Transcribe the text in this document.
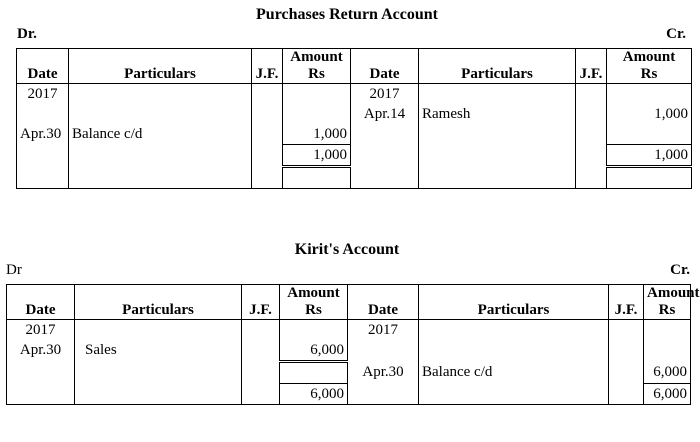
Purchases Return Account
Dr.	Cr.
Date	Particulars	J.F.	Amount
Rs	Date	Particulars	J.F.	Amount
Rs
2017				2017			
				Apr.14	Ramesh		1,000
Apr.30	Balance c/d		1,000				
			1,000				1,000

Kirit's Account
Dr	Cr.
Date	Particulars	J.F.	Amount
Rs	Date	Particulars	J.F.	Amount
Rs
2017				2017			
Apr.30	Sales		6,000				
				Apr.30	Balance c/d		6,000
			6,000				6,000
